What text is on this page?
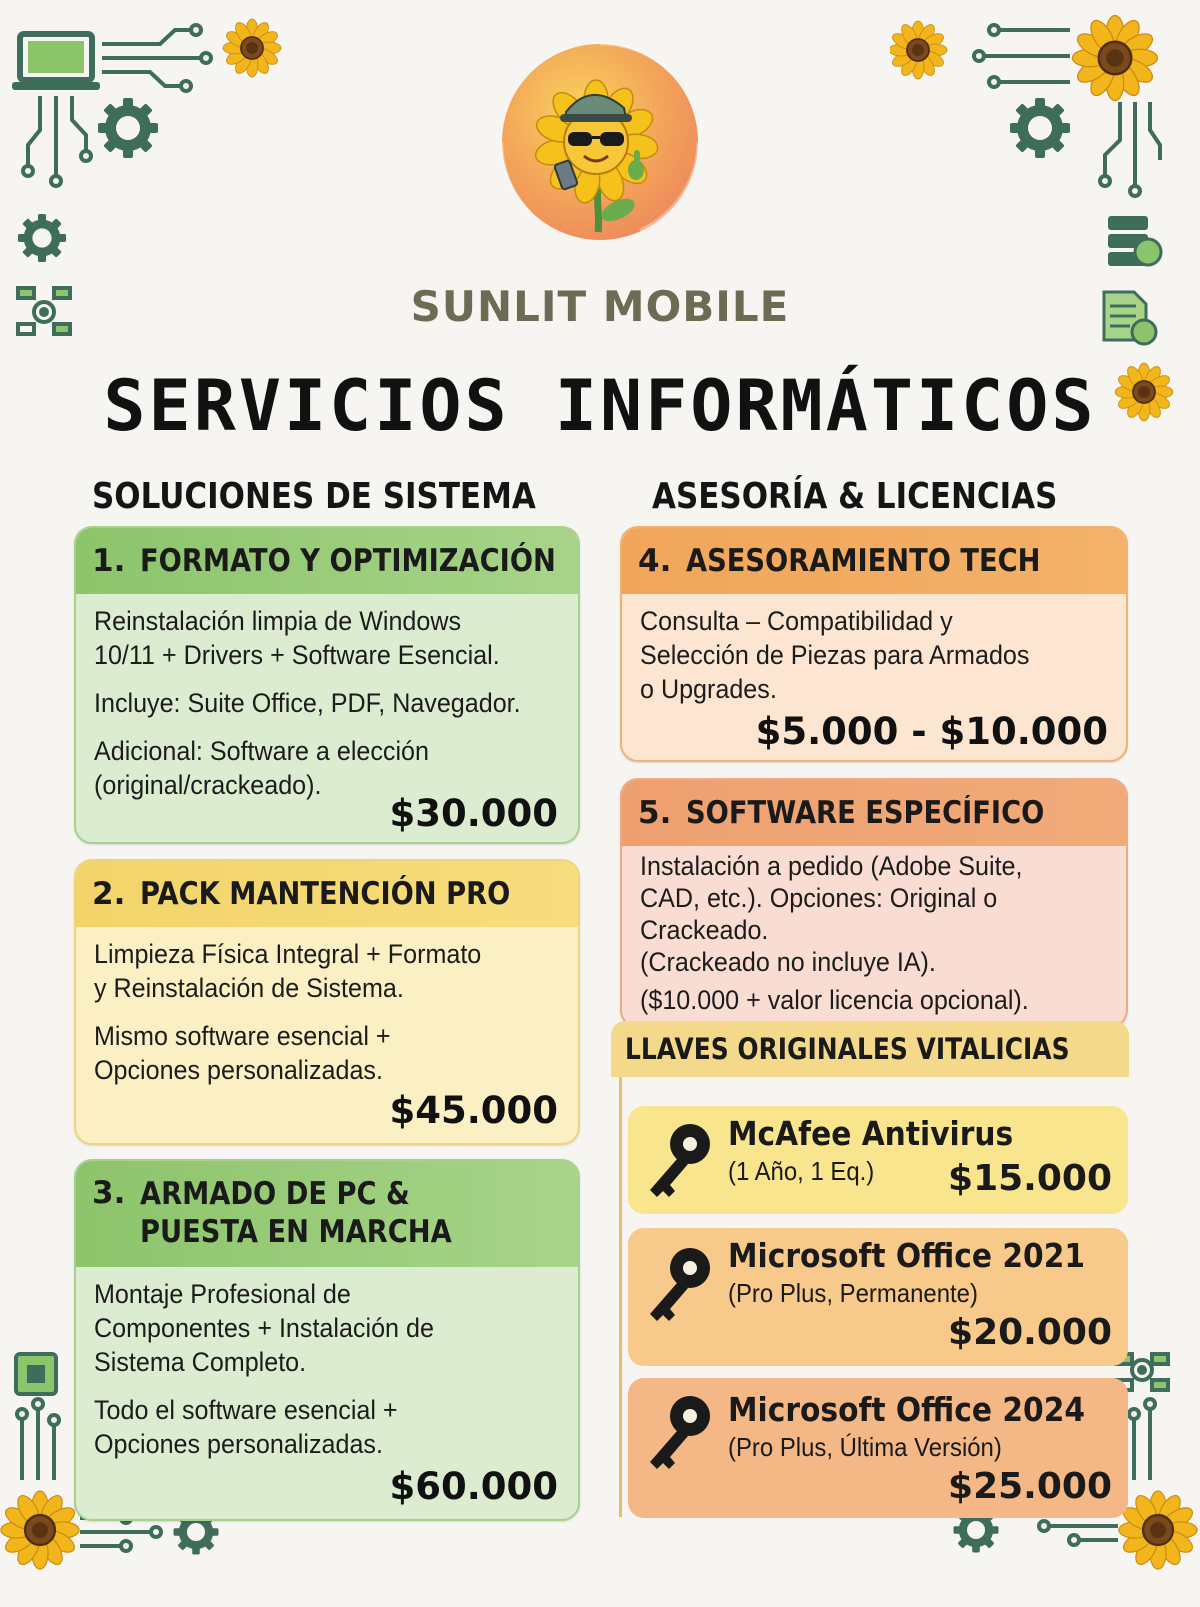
SUNLIT MOBILE
SERVICIOS INFORMÁTICOS
SOLUCIONES DE SISTEMA	ASESORÍA & LICENCIAS
1. FORMATO Y OPTIMIZACIÓN
Reinstalación limpia de Windows
10/11 + Drivers + Software Esencial.
Incluye: Suite Office, PDF, Navegador.
Adicional: Software a elección
(original/crackeado).
$30.000
2. PACK MANTENCIÓN PRO
Limpieza Física Integral + Formato
y Reinstalación de Sistema.
Mismo software esencial +
Opciones personalizadas.
$45.000
3. ARMADO DE PC &
PUESTA EN MARCHA
Montaje Profesional de
Componentes + Instalación de
Sistema Completo.
Todo el software esencial +
Opciones personalizadas.
$60.000
4. ASESORAMIENTO TECH
Consulta – Compatibilidad y
Selección de Piezas para Armados
o Upgrades.
$5.000 - $10.000
5. SOFTWARE ESPECÍFICO
Instalación a pedido (Adobe Suite,
CAD, etc.). Opciones: Original o
Crackeado.
(Crackeado no incluye IA).
($10.000 + valor licencia opcional).
LLAVES ORIGINALES VITALICIAS
McAfee Antivirus
(1 Año, 1 Eq.) $15.000
Microsoft Office 2021
(Pro Plus, Permanente)
$20.000
Microsoft Office 2024
(Pro Plus, Última Versión)
$25.000
